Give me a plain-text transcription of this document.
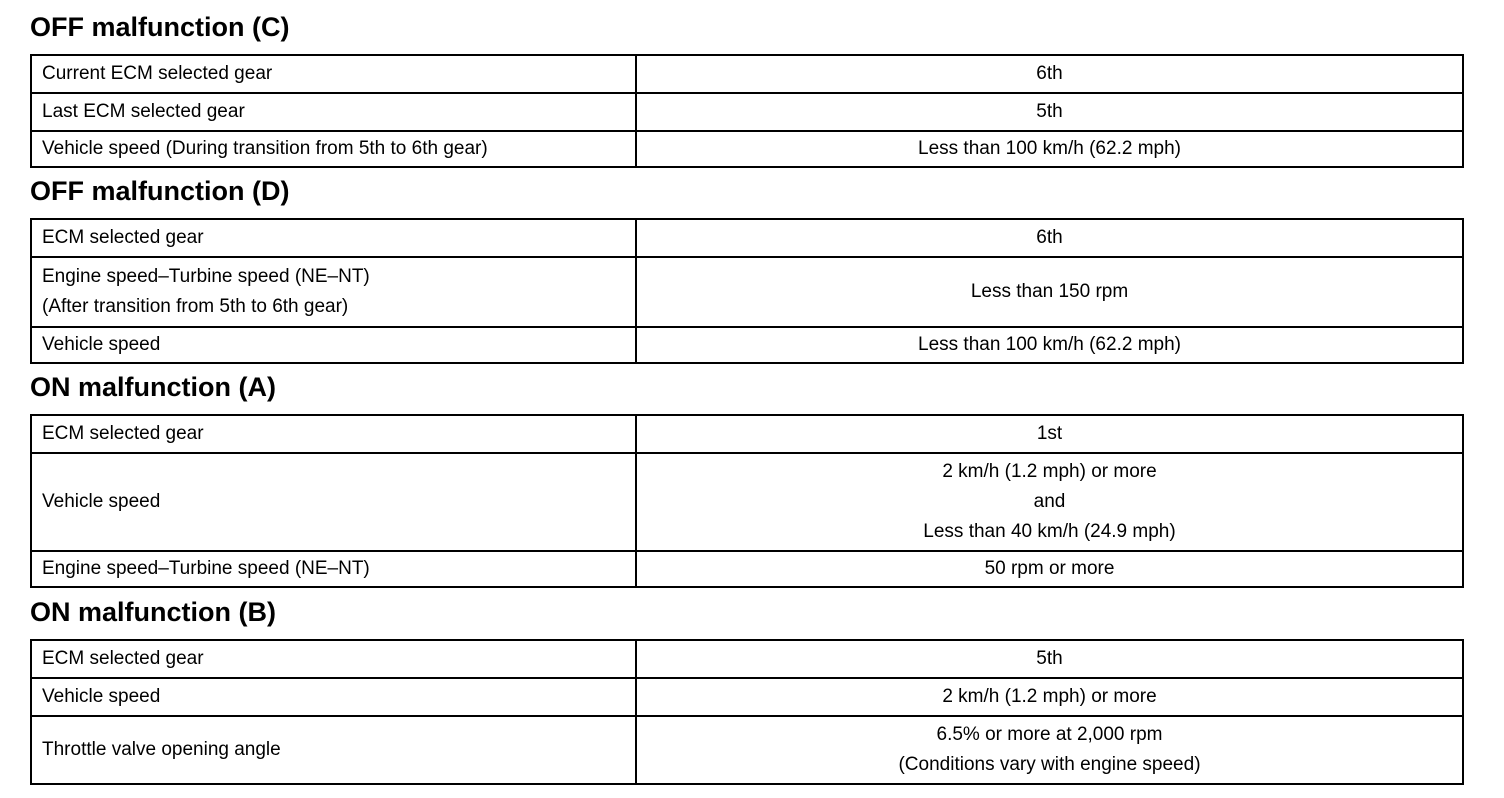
OFF malfunction (C)
Current ECM selected gear	6th

Last ECM selected gear	5th

Vehicle speed (During transition from 5th to 6th gear)	Less than 100 km/h (62.2 mph)
OFF malfunction (D)
ECM selected gear	6th

Engine speed–Turbine speed (NE–NT)
(After transition from 5th to 6th gear)	Less than 150 rpm

Vehicle speed	Less than 100 km/h (62.2 mph)
ON malfunction (A)
ECM selected gear	1st

Vehicle speed	2 km/h (1.2 mph) or more
and
Less than 40 km/h (24.9 mph)

Engine speed–Turbine speed (NE–NT)	50 rpm or more
ON malfunction (B)
ECM selected gear	5th

Vehicle speed	2 km/h (1.2 mph) or more

Throttle valve opening angle	6.5% or more at 2,000 rpm
(Conditions vary with engine speed)
